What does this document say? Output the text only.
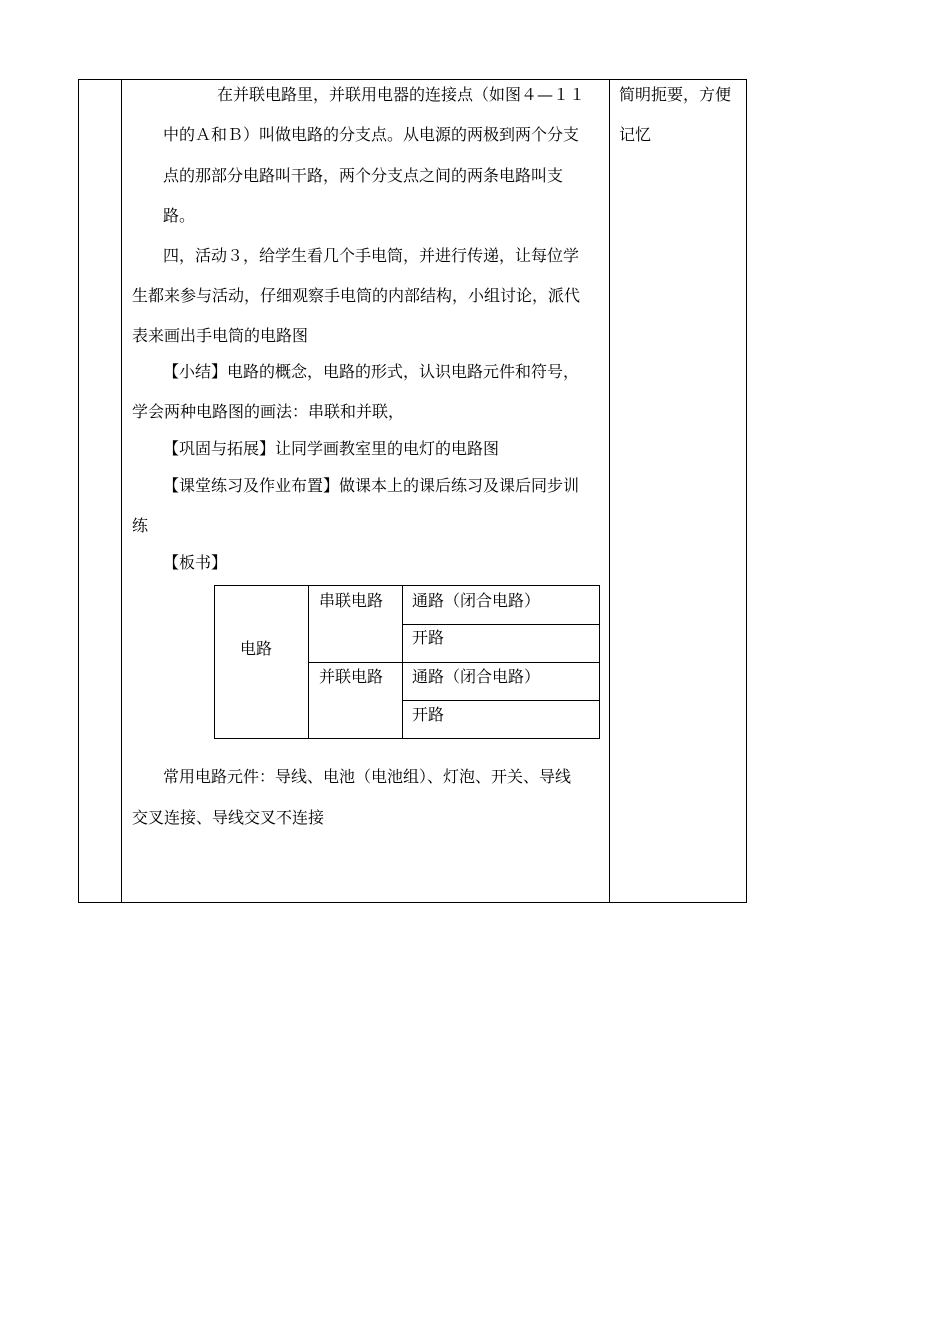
在并联电路里，并联用电器的连接点（如图４—１１
中的Ａ和Ｂ）叫做电路的分支点。从电源的两极到两个分支
点的那部分电路叫干路，两个分支点之间的两条电路叫支
路。
四，活动３，给学生看几个手电筒，并进行传递，让每位学
生都来参与活动，仔细观察手电筒的内部结构，小组讨论，派代
表来画出手电筒的电路图
【小结】电路的概念，电路的形式，认识电路元件和符号，
学会两种电路图的画法：串联和并联，
【巩固与拓展】让同学画教室里的电灯的电路图
【课堂练习及作业布置】做课本上的课后练习及课后同步训
练
【板书】
电路
串联电路 通路（闭合电路）
开路
并联电路 通路（闭合电路）
开路
常用电路元件：导线、电池（电池组）、灯泡、开关、导线
交叉连接、导线交叉不连接
简明扼要，方便
记忆
